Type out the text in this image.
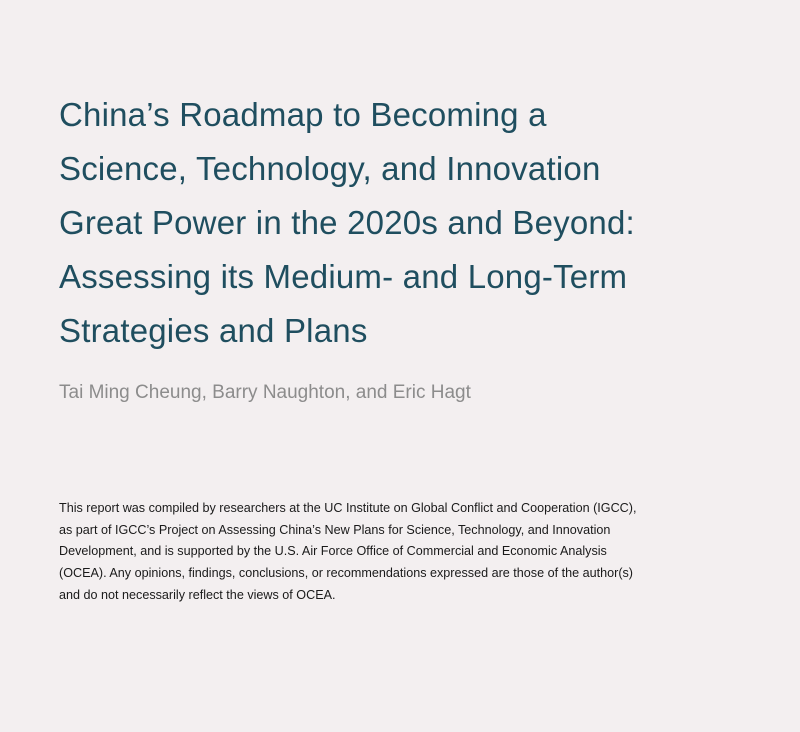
China’s Roadmap to Becoming a
Science, Technology, and Innovation
Great Power in the 2020s and Beyond:
Assessing its Medium- and Long-Term
Strategies and Plans

Tai Ming Cheung, Barry Naughton, and Eric Hagt

This report was compiled by researchers at the UC Institute on Global Conflict and Cooperation (IGCC),
as part of IGCC’s Project on Assessing China’s New Plans for Science, Technology, and Innovation
Development, and is supported by the U.S. Air Force Office of Commercial and Economic Analysis
(OCEA). Any opinions, findings, conclusions, or recommendations expressed are those of the author(s)
and do not necessarily reflect the views of OCEA.
